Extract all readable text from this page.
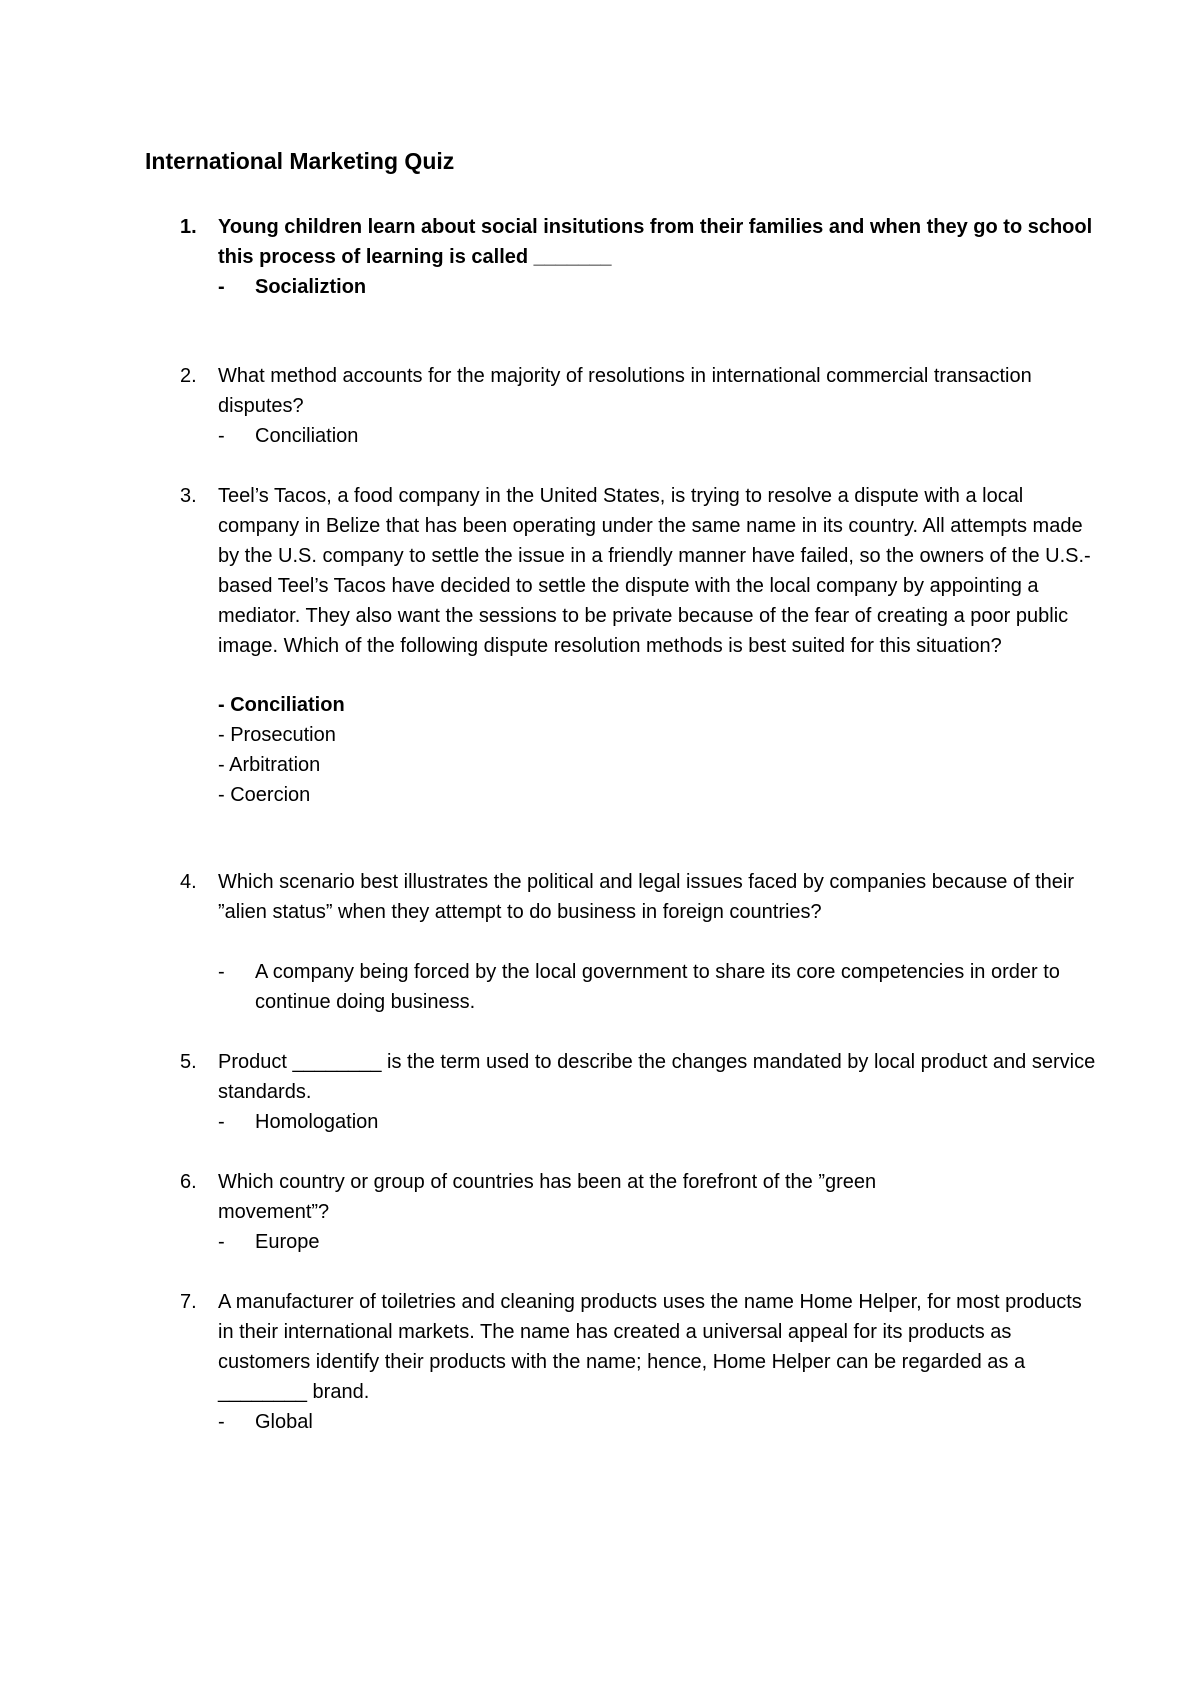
International Marketing Quiz
1.	Young children learn about social insitutions from their families and when they go to school this process of learning is called _______
-	Socializtion
2.	What method accounts for the majority of resolutions in international commercial transaction disputes?
-	Conciliation
3.	Teel’s Tacos, a food company in the United States, is trying to resolve a dispute with a local company in Belize that has been operating under the same name in its country. All attempts made by the U.S. company to settle the issue in a friendly manner have failed, so the owners of the U.S.-based Teel’s Tacos have decided to settle the dispute with the local company by appointing a mediator. They also want the sessions to be private because of the fear of creating a poor public image. Which of the following dispute resolution methods is best suited for this situation?
- Conciliation
- Prosecution
- Arbitration
- Coercion
4.	Which scenario best illustrates the political and legal issues faced by companies because of their ”alien status” when they attempt to do business in foreign countries?
-	A company being forced by the local government to share its core competencies in order to continue doing business.
5.	Product ________ is the term used to describe the changes mandated by local product and service standards.
-	Homologation
6.	Which country or group of countries has been at the forefront of the ”green movement”?
-	Europe
7.	A manufacturer of toiletries and cleaning products uses the name Home Helper, for most products in their international markets. The name has created a universal appeal for its products as customers identify their products with the name; hence, Home Helper can be regarded as a ________ brand.
-	Global
